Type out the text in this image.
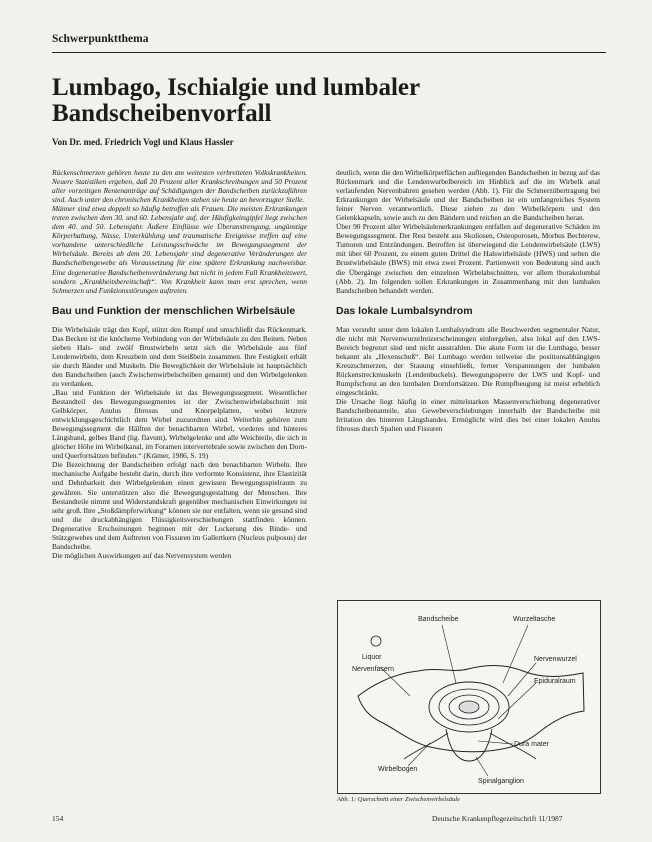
Schwerpunktthema
Lumbago, Ischialgie und lumbaler
Bandscheibenvorfall
Von Dr. med. Friedrich Vogl und Klaus Hassler

Rückenschmerzen gehören heute zu den am weitesten verbreiteten Volkskrankheiten. Neuere Statistiken ergeben, daß 20 Prozent aller Krankschreibungen und 50 Prozent aller vorzeitigen Rentenanträge auf Schädigungen der Bandscheiben zurückzuführen sind. Auch unter den chronischen Krankheiten stehen sie heute an bevorzugter Stelle.

Männer sind etwa doppelt so häufig betroffen als Frauen. Die meisten Erkrankungen treten zwischen dem 30. und 60. Lebensjahr auf, der Häufigkeitsgipfel liegt zwischen dem 40. und 50. Lebensjahr. Äußere Einflüsse wie Überanstrengung, ungünstige Körperhaltung, Nässe, Unterkühlung und traumatische Ereignisse treffen auf eine vorhandene unterschiedliche Leistungsschwäche im Bewegungssegment der Wirbelsäule. Bereits ab dem 20. Lebensjahr sind degenerative Veränderungen der Bandscheibengewebe als Voraussetzung für eine spätere Erkrankung nachweisbar. Eine degenerative Bandscheibenveränderung hat nicht in jedem Fall Krankheitswert, sondern „Krankheitsbereitschaft“. Von Krankheit kann man erst sprechen, wenn Schmerzen und Funktionsstörungen auftreten.

Bau und Funktion der menschlichen Wirbelsäule

Die Wirbelsäule trägt den Kopf, stützt den Rumpf und umschließt das Rückenmark. Das Becken ist die knöcherne Verbindung von der Wirbelsäule zu den Beinen. Neben sieben Hals- und zwölf Brustwirbeln setzt sich die Wirbelsäule aus fünf Lendenwirbeln, dem Kreuzbein und dem Steißbein zusammen. Ihre Festigkeit erhält sie durch Bänder und Muskeln. Die Beweglichkeit der Wirbelsäule ist hauptsächlich den Bandscheiben (auch Zwischenwirbelscheiben genannt) und den Wirbelgelenken zu verdanken.

„Bau und Funktion der Wirbelsäule ist das Bewegungssegment. Wesentlicher Bestandteil des Bewegungssegmentes ist der Zwischenwirbelabschnitt mit Gelbkörper, Anulus fibrosus und Knorpelplatten, wobei letztere entwicklungsgeschichtlich dem Wirbel zuzuordnen sind. Weiterhin gehören zum Bewegungssegment die Hälften der benachbarten Wirbel, vorderes und hinteres Längsband, gelbes Band (lig. flavum), Wirbelgelenke und alle Weichteile, die sich in gleicher Höhe im Wirbelkanal, im Foramen intervertebrale sowie zwischen den Dorn- und Querfortsätzen befinden.“ (Krämer, 1986, S. 19)

Die Bezeichnung der Bandscheiben erfolgt nach den benachbarten Wirbeln. Ihre mechanische Aufgabe besteht darin, durch ihre verformte Konsistenz, ihre Elastizität und Dehnbarkeit den Wirbelgelenken einen gewissen Bewegungsspielraum zu gewähren. Sie unterstützen also die Bewegungsgestaltung der Menschen. Ihre Bestandteile nimmt und Widerstandskraft gegenüber mechanischen Einwirkungen ist sehr groß. Ihre „Stoßdämpferwirkung“ können sie nur entfalten, wenn sie gesund sind und die druckabhängigen Flüssigkeitsverschiebungen stattfinden können. Degenerative Erscheinungen beginnen mit der Lockerung des Binde- und Stützgewebes und dem Auftreten von Fissuren im Gallertkern (Nucleus pulposus) der Bandscheibe.

Die möglichen Auswirkungen auf das Nervensystem werden

deutlich, wenn die den Wirbelkörperflächen aufliegenden Bandscheiben in bezug auf das Rückenmark und die Lendenwurbelbereich im Hinblick auf die im Wirbelk anal verlaufenden Nervenbahren gesehen werden (Abb. 1). Für die Schmerzübertragung bei Erkrankungen der Wirbelsäule und der Bandscheiben ist ein umfangreiches System feiner Nerven verantwortlich. Diese ziehen zu den Wirbelkörpern und den Gelenkkapseln, sowie auch zu den Bändern und reichen an die Bandscheiben heran.

Über 90 Prozent aller Wirbelsäulenerkrankungen entfallen auf degenerative Schäden im Bewegungssegment. Der Rest besteht aus Skoliosen, Osteoporosen, Morbus Bechterew, Tumoren und Entzündungen. Betroffen ist überwiegend die Lendenwirbelsäule (LWS) mit über 60 Prozent, zu einem guten Drittel die Halswirbelsäule (HWS) und selten die Brustwirbelsäule (BWS) mit etwa zwei Prozent. Partienweit von Bedeutung sind auch die Übergänge zwischen den einzelnen Wirbelabschnitten, vor allem thorakolumbal (Abb. 2). Im folgenden sollen Erkrankungen in Zusammenhang mit den lumbalen Bandscheiben behandelt werden.

Das lokale Lumbalsyndrom

Man versteht unter dem lokalen Lumbalsyndrom alle Beschwerden segmentaler Natur, die nicht mit Nervenwurzelreizerscheinungen einhergehen, also lokal auf den LWS-Bereich begrenzt sind und nicht ausstrahlen. Die akute Form ist die Lumbago, besser bekannt als „Hexenschuß“. Bei Lumbago werden teilweise die positionsabhängigen Kreuzschmerzen, der Stauung einsehließt, ferner Verspannungen der lumbalen Rückenstreckmuskeln (Lendenbuckels). Bewegungssperre der LWS und Kopf- und Rumpfschonz an den lumbalen Dornfortsätzen. Die Rumpfbeugung ist meist erheblich eingeschränkt.

Die Ursache liegt häufig in einer mittelstarken Massenverschiebung degenerativer Bandscheibenanteile, also Gewebeverschiebungen innerhalb der Bandscheibe mit Irritation des hinteren Längsbandes. Ermöglicht wird dies bei einer lokalen Anulus fibrosus durch Spalten und Fissuren

Bandscheibe	Wurzeltasche
Liquor
Nervenfasern
Nervenwurzel
Epiduralraum
Dura mater
Wirbelbogen
Spinalganglion
Abb. 1: Querschnitt einer Zwischenwirbelsäule
154	Deutsche Krankenpflegezeitschrift 11/1987
